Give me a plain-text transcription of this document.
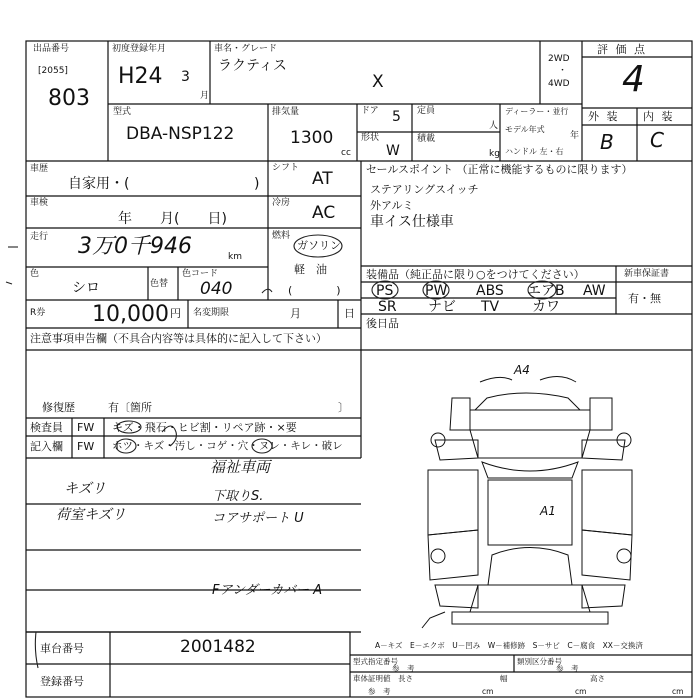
出品番号
[2055]
803
初度登録年月
H24 3
月
車名・グレード
ラクティス
X
2WD
・
4WD
評 価 点
4
型式
DBA-NSP122
排気量
1300
cc
ドア 5
形状
W
定員
人
積載
kg
ディーラー・並行
モデル年式
年
ハンドル 左・右
外 装 内 装
B C
車歴
自家用・(	)
シフト
AT
車検
年　　月(　　日)
冷房 AC
走行 3万0千946	km
燃料
ガソリン
軽　油
(　　　　)
色
シロ	色替
色コード
040
R券 10,000 円 名変期限	月	日
セールスポイント （正常に機能するものに限ります）
ステアリングスイッチ
外アルミ
車イス仕様車
装備品（純正品に限り○をつけてください）	新車保証書
有・無
PS PW ABS エアB AW
SR ナビ TV カワ
後日品
注意事項申告欄（不具合内容等は具体的に記入して下さい）
修復歴	有〔箇所	〕
検査員
記入欄
FW
FW
キズ・飛石・ヒビ割・リペア跡・×要
ホツ・キズ・汚し・コゲ・穴・ヌレ・キレ・破レ
キズリ
荷室キズリ
福祉車両
下取りS.
コアサポート U
Fアンダーカバー A
A4
A1
車台番号	2001482
登録番号
A－キズ　E－エクボ　U－凹み　W－補修跡　S－サビ　C－腐食　XX－交換済
型式指定番号
参　考
類別区分番号
参　考
車体証明値 長さ
cm
幅
cm
高さ
cm
参　考
